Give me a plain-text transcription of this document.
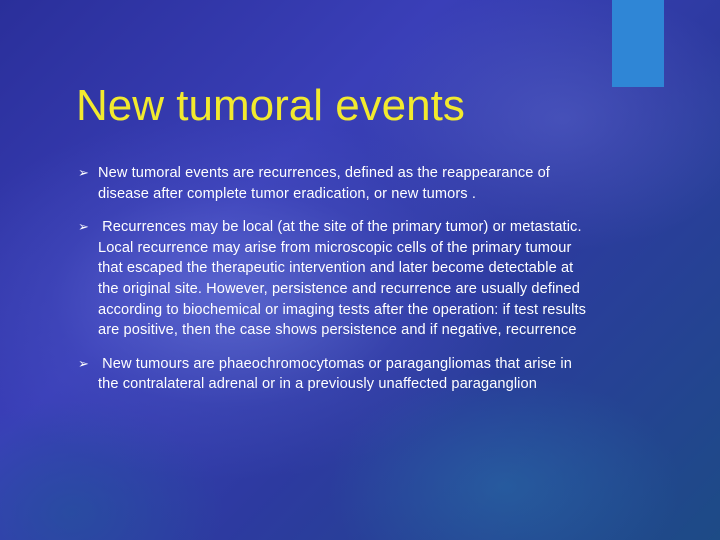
New tumoral events
➢ New tumoral events are recurrences, defined as the reappearance of disease after complete tumor eradication, or new tumors .
➢ Recurrences may be local (at the site of the primary tumor) or metastatic. Local recurrence may arise from microscopic cells of the primary tumour that escaped the therapeutic intervention and later become detectable at the original site. However, persistence and recurrence are usually defined according to biochemical or imaging tests after the operation: if test results are positive, then the case shows persistence and if negative, recurrence
➢ New tumours are phaeochromocytomas or paragangliomas that arise in the contralateral adrenal or in a previously unaffected paraganglion
